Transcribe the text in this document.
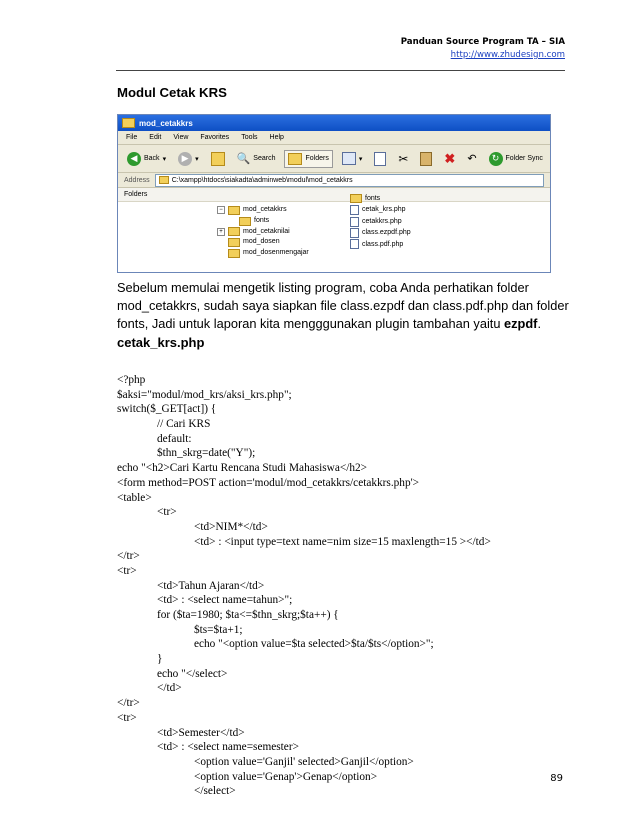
Panduan Source Program TA – SIA
http://www.zhudesign.com
Modul Cetak KRS
mod_cetakkrs
File Edit View Favorites Tools Help
◀ Back ▾	▶ ▾	🔍 Search	Folders	▾	✂	✖ ↶	↻ Folder Sync
Address	C:\xampp\htdocs\siakadta\adminweb\modul\mod_cetakkrs
Folders
−	mod_cetakkrs
fonts
+	mod_cetaknilai
mod_dosen
mod_dosenmengajar
fonts
cetak_krs.php
cetakkrs.php
class.ezpdf.php
class.pdf.php
Sebelum memulai mengetik listing program, coba Anda perhatikan folder mod_cetakkrs, sudah saya siapkan file class.ezpdf dan class.pdf.php dan folder fonts, Jadi untuk laporan kita mengggunakan plugin tambahan yaitu ezpdf.
cetak_krs.php
<?php
$aksi="modul/mod_krs/aksi_krs.php";
switch($_GET[act]) {
// Cari KRS
default:
$thn_skrg=date("Y");
echo "<h2>Cari Kartu Rencana Studi Mahasiswa</h2>
<form method=POST action='modul/mod_cetakkrs/cetakkrs.php'>
<table>
<tr>
<td>NIM*</td>
<td> : <input type=text name=nim size=15 maxlength=15 ></td>
</tr>
<tr>
<td>Tahun Ajaran</td>
<td> : <select name=tahun>";
for ($ta=1980; $ta<=$thn_skrg;$ta++) {
$ts=$ta+1;
echo "<option value=$ta selected>$ta/$ts</option>";
}
echo "</select>
</td>
</tr>
<tr>
<td>Semester</td>
<td> : <select name=semester>
<option value='Ganjil' selected>Ganjil</option>
<option value='Genap'>Genap</option>
</select>
89
